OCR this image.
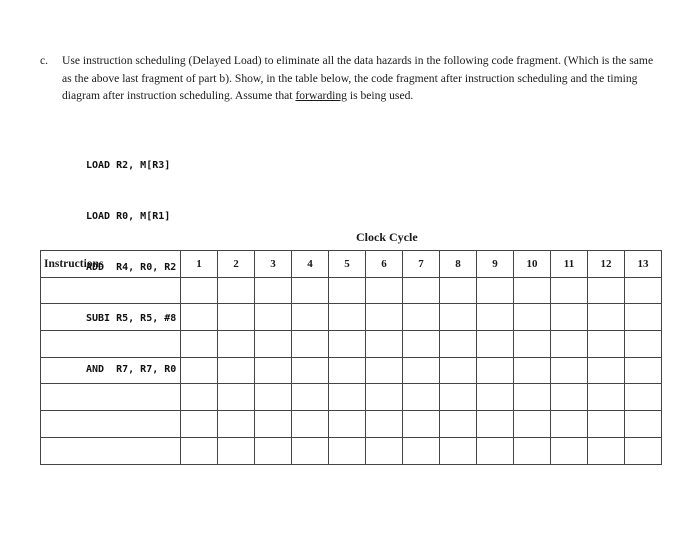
c. Use instruction scheduling (Delayed Load) to eliminate all the data hazards in the following code fragment. (Which is the same as the above last fragment of part b). Show, in the table below, the code fragment after instruction scheduling and the timing diagram after instruction scheduling. Assume that forwarding is being used.

LOAD R2, M[R3]

LOAD R0, M[R1]

ADD  R4, R0, R2

SUBI R5, R5, #8

AND  R7, R7, R0

Clock Cycle
Instructions	1	2	3	4	5	6	7	8	9	10	11	12	13
